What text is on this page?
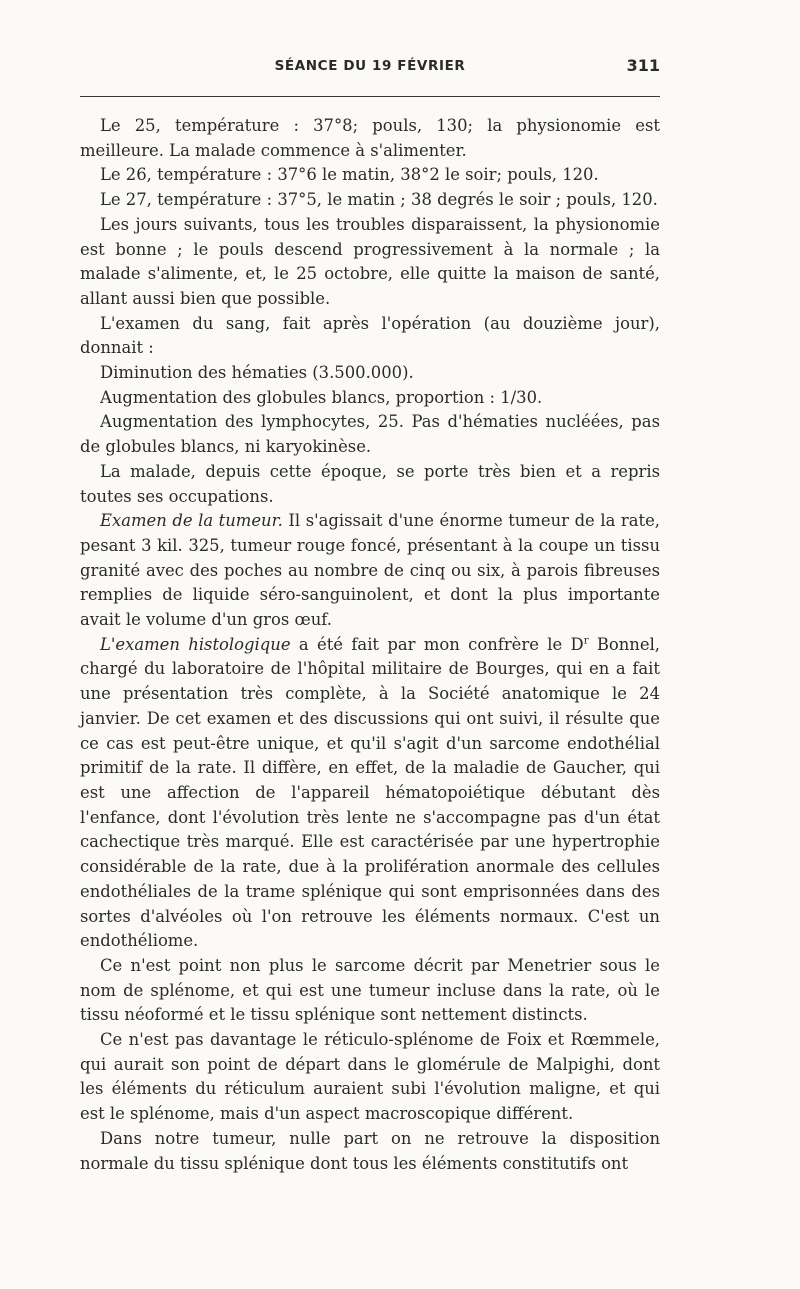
SÉANCE DU 19 FÉVRIER	311

Le 25, température : 37°8; pouls, 130; la physionomie est meilleure. La malade commence à s'alimenter.

Le 26, température : 37°6 le matin, 38°2 le soir; pouls, 120.

Le 27, température : 37°5, le matin ; 38 degrés le soir ; pouls, 120.

Les jours suivants, tous les troubles disparaissent, la physionomie est bonne ; le pouls descend progressivement à la normale ; la malade s'alimente, et, le 25 octobre, elle quitte la maison de santé, allant aussi bien que possible.

L'examen du sang, fait après l'opération (au douzième jour), donnait :

Diminution des hématies (3.500.000).

Augmentation des globules blancs, proportion : 1/30.

Augmentation des lymphocytes, 25. Pas d'hématies nucléées, pas de globules blancs, ni karyokinèse.

La malade, depuis cette époque, se porte très bien et a repris toutes ses occupations.

Examen de la tumeur. Il s'agissait d'une énorme tumeur de la rate, pesant 3 kil. 325, tumeur rouge foncé, présentant à la coupe un tissu granité avec des poches au nombre de cinq ou six, à parois fibreuses remplies de liquide séro-sanguinolent, et dont la plus importante avait le volume d'un gros œuf.

L'examen histologique a été fait par mon confrère le $D^r$ Bonnel, chargé du laboratoire de l'hôpital militaire de Bourges, qui en a fait une présentation très complète, à la Société anatomique le 24 janvier. De cet examen et des discussions qui ont suivi, il résulte que ce cas est peut-être unique, et qu'il s'agit d'un sarcome endothélial primitif de la rate. Il diffère, en effet, de la maladie de Gaucher, qui est une affection de l'appareil hématopoiétique débutant dès l'enfance, dont l'évolution très lente ne s'accompagne pas d'un état cachectique très marqué. Elle est caractérisée par une hypertrophie considérable de la rate, due à la prolifération anormale des cellules endothéliales de la trame splénique qui sont emprisonnées dans des sortes d'alvéoles où l'on retrouve les éléments normaux. C'est un endothéliome.

Ce n'est point non plus le sarcome décrit par Menetrier sous le nom de splénome, et qui est une tumeur incluse dans la rate, où le tissu néoformé et le tissu splénique sont nettement distincts.

Ce n'est pas davantage le réticulo-splénome de Foix et Rœmmele, qui aurait son point de départ dans le glomérule de Malpighi, dont les éléments du réticulum auraient subi l'évolution maligne, et qui est le splénome, mais d'un aspect macroscopique différent.

Dans notre tumeur, nulle part on ne retrouve la disposition normale du tissu splénique dont tous les éléments constitutifs ont
